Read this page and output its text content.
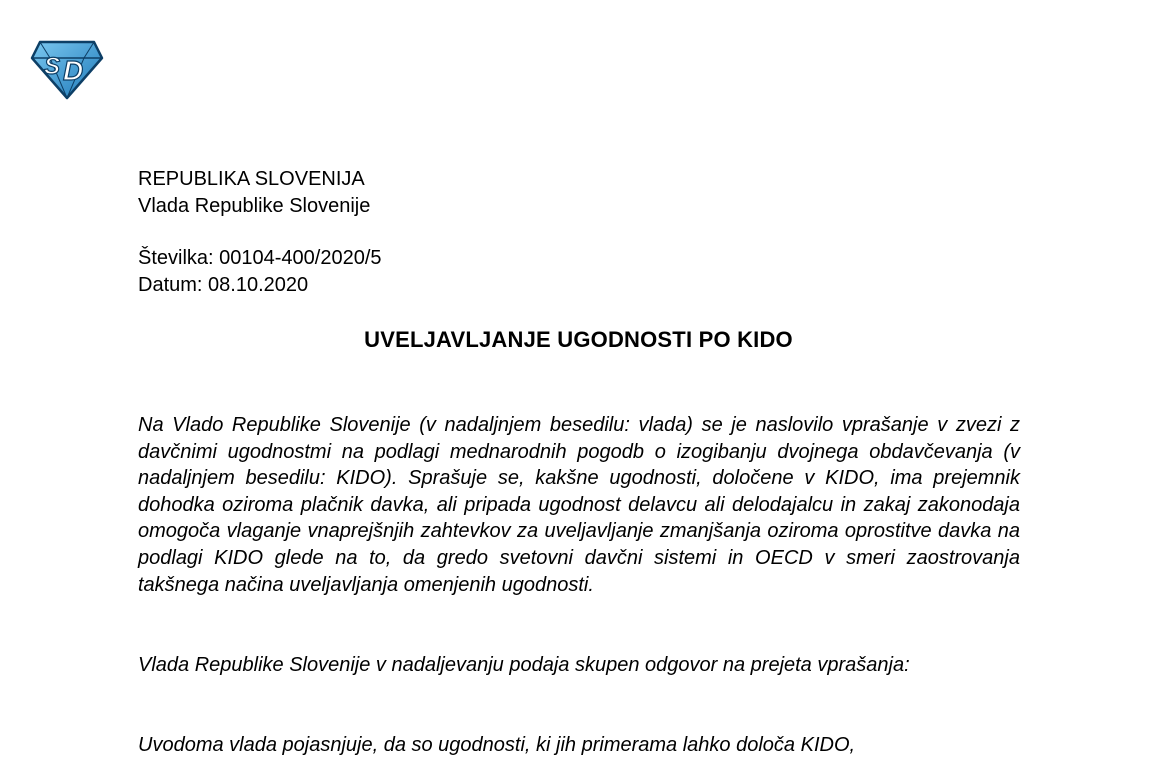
S D
REPUBLIKA SLOVENIJA
Vlada Republike Slovenije
Številka: 00104-400/2020/5
Datum: 08.10.2020
UVELJAVLJANJE UGODNOSTI PO KIDO

Na Vlado Republike Slovenije (v nadaljnjem besedilu: vlada) se je naslovilo vprašanje v zvezi z davčnimi ugodnostmi na podlagi mednarodnih pogodb o izogibanju dvojnega obdavčevanja (v nadaljnjem besedilu: KIDO). Sprašuje se, kakšne ugodnosti, določene v KIDO, ima prejemnik dohodka oziroma plačnik davka, ali pripada ugodnost delavcu ali delodajalcu in zakaj zakonodaja omogoča vlaganje vnaprejšnjih zahtevkov za uveljavljanje zmanjšanja oziroma oprostitve davka na podlagi KIDO glede na to, da gredo svetovni davčni sistemi in OECD v smeri zaostrovanja takšnega načina uveljavljanja omenjenih ugodnosti.

Vlada Republike Slovenije v nadaljevanju podaja skupen odgovor na prejeta vprašanja:

Uvodoma vlada pojasnjuje, da so ugodnosti, ki jih primerama lahko določa KIDO,
